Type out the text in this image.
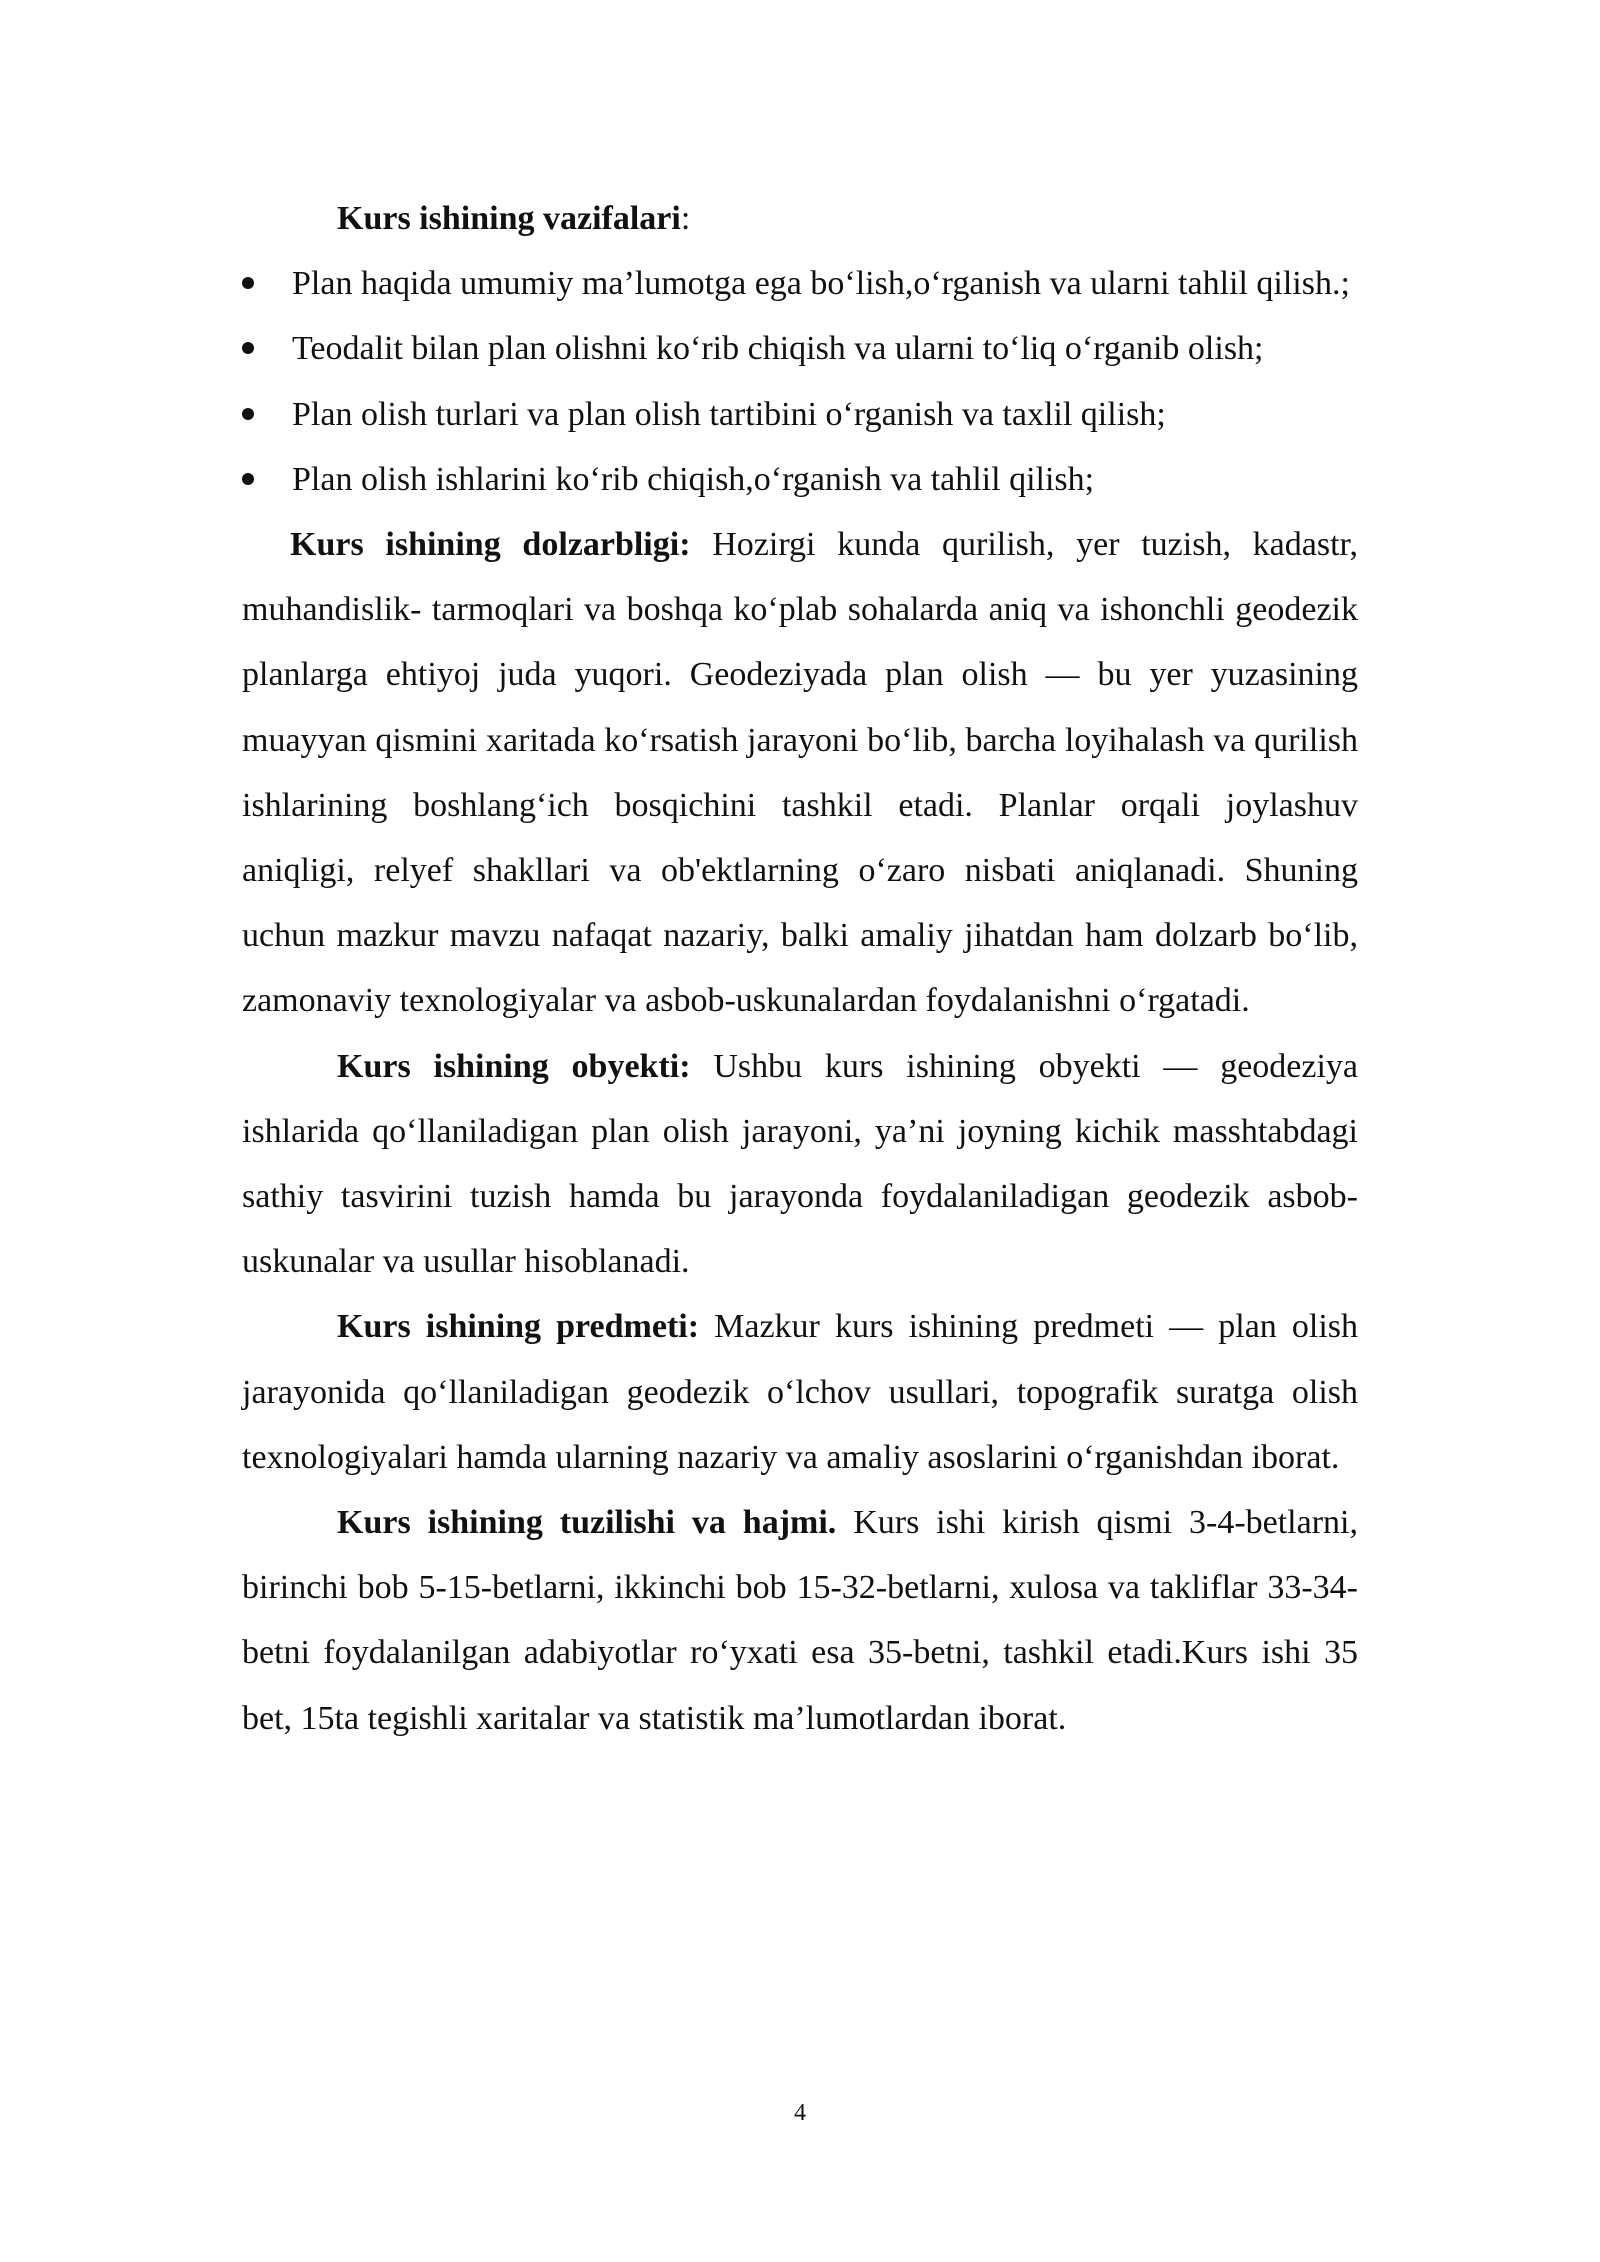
Kurs ishining vazifalari:

Plan haqida umumiy ma’lumotga ega bo‘lish,o‘rganish va ularni tahlil qilish.;
Teodalit bilan plan olishni ko‘rib chiqish va ularni to‘liq o‘rganib olish;
Plan olish turlari va plan olish tartibini o‘rganish va taxlil qilish;
Plan olish ishlarini ko‘rib chiqish,o‘rganish va tahlil qilish;

Kurs ishining dolzarbligi: Hozirgi kunda qurilish, yer tuzish, kadastr, muhandislik- tarmoqlari va boshqa ko‘plab sohalarda aniq va ishonchli geodezik planlarga ehtiyoj juda yuqori. Geodeziyada plan olish — bu yer yuzasining muayyan qismini xaritada ko‘rsatish jarayoni bo‘lib, barcha loyihalash va qurilish ishlarining boshlang‘ich bosqichini tashkil etadi. Planlar orqali joylashuv aniqligi, relyef shakllari va ob'ektlarning o‘zaro nisbati aniqlanadi. Shuning uchun mazkur mavzu nafaqat nazariy, balki amaliy jihatdan ham dolzarb bo‘lib, zamonaviy texnologiyalar va asbob-uskunalardan foydalanishni o‘rgatadi.

Kurs ishining obyekti: Ushbu kurs ishining obyekti — geodeziya ishlarida qo‘llaniladigan plan olish jarayoni, ya’ni joyning kichik masshtabdagi sathiy tasvirini tuzish hamda bu jarayonda foydalaniladigan geodezik asbob-uskunalar va usullar hisoblanadi.

Kurs ishining predmeti: Mazkur kurs ishining predmeti — plan olish jarayonida qo‘llaniladigan geodezik o‘lchov usullari, topografik suratga olish texnologiyalari hamda ularning nazariy va amaliy asoslarini o‘rganishdan iborat.

Kurs ishining tuzilishi va hajmi. Kurs ishi kirish qismi 3-4-betlarni, birinchi bob 5-15-betlarni, ikkinchi bob 15-32-betlarni, xulosa va takliflar 33-34-betni foydalanilgan adabiyotlar ro‘yxati esa 35-betni, tashkil etadi.Kurs ishi 35 bet, 15ta tegishli xaritalar va statistik ma’lumotlardan iborat.

4
